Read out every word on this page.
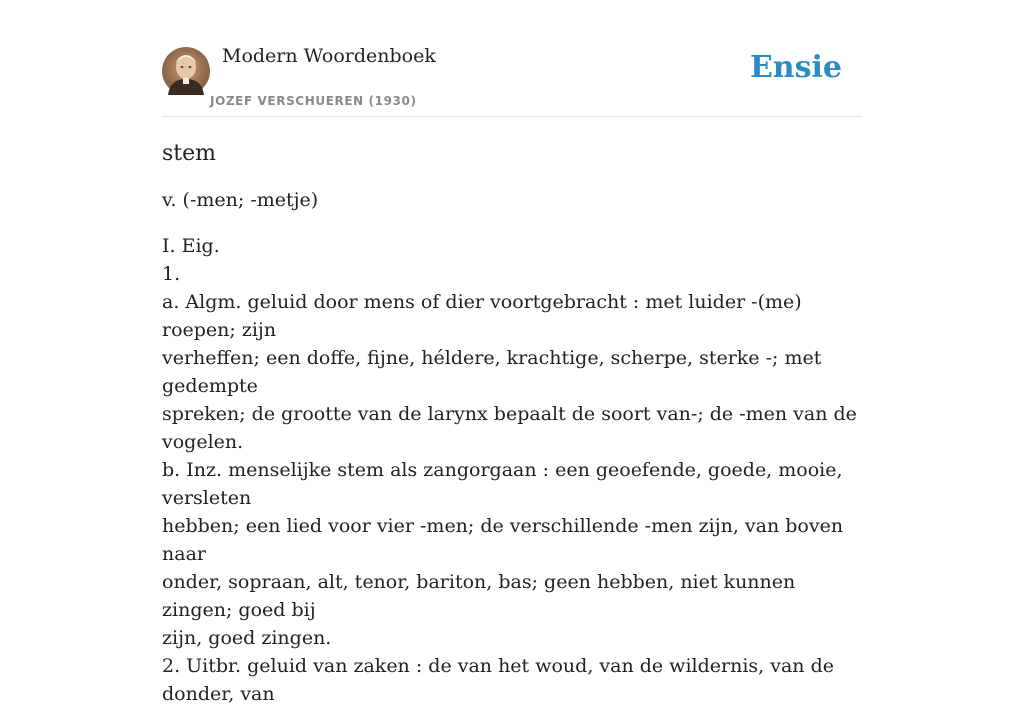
Modern Woordenboek
JOZEF VERSCHUEREN (1930)
Ensie
stem

v. (-men; -metje)

I. Eig.

1.

a. Algm. geluid door mens of dier voortgebracht : met luider -(me) roepen; zijn

verheffen; een doffe, fijne, héldere, krachtige, scherpe, sterke -; met gedempte

spreken; de grootte van de larynx bepaalt de soort van-; de -men van de vogelen.

b. Inz. menselijke stem als zangorgaan : een geoefende, goede, mooie, versleten

hebben; een lied voor vier -men; de verschillende -men zijn, van boven naar

onder, sopraan, alt, tenor, bariton, bas; geen hebben, niet kunnen zingen; goed bij

zijn, goed zingen.

2. Uitbr. geluid van zaken : de van het woud, van de wildernis, van de donder, van
